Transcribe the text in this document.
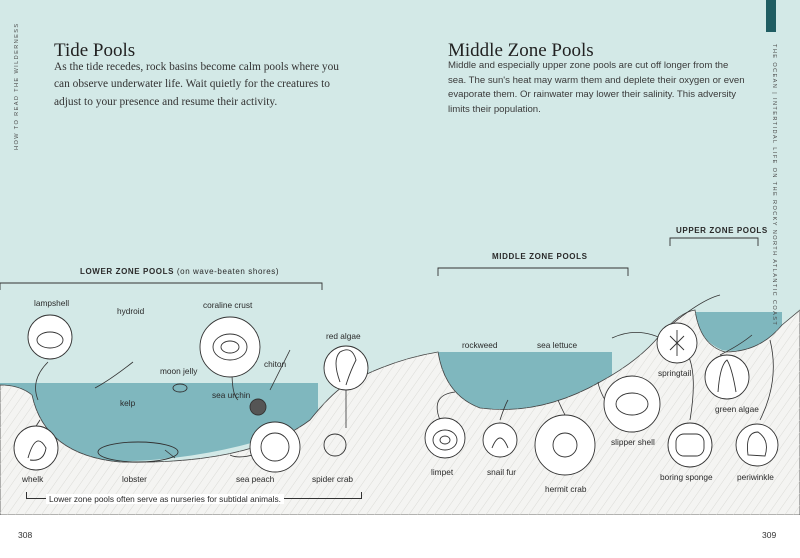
HOW TO READ THE WILDERNESS	THE OCEAN | INTERTIDAL LIFE ON THE ROCKY NORTH ATLANTIC COAST
Tide Pools

As the tide recedes, rock basins become calm pools where you can observe underwater life. Wait quietly for the creatures to adjust to your presence and resume their activity.

Middle Zone Pools

Middle and especially upper zone pools are cut off longer from the sea. The sun's heat may warm them and deplete their oxygen or even evaporate them. Or rainwater may lower their salinity. This adversity limits their population.

LOWER ZONE POOLS (on wave-beaten shores)
MIDDLE ZONE POOLS
UPPER ZONE POOLS
lampshell
hydroid
coraline crust
chiton
red algae
moon jelly
kelp
sea urchin
whelk	lobster	sea peach	spider crab
rockweed	sea lettuce
springtail
green algae
slipper shell
limpet	snail fur
hermit crab
boring sponge	periwinkle
Lower zone pools often serve as nurseries for subtidal animals.
308	309
